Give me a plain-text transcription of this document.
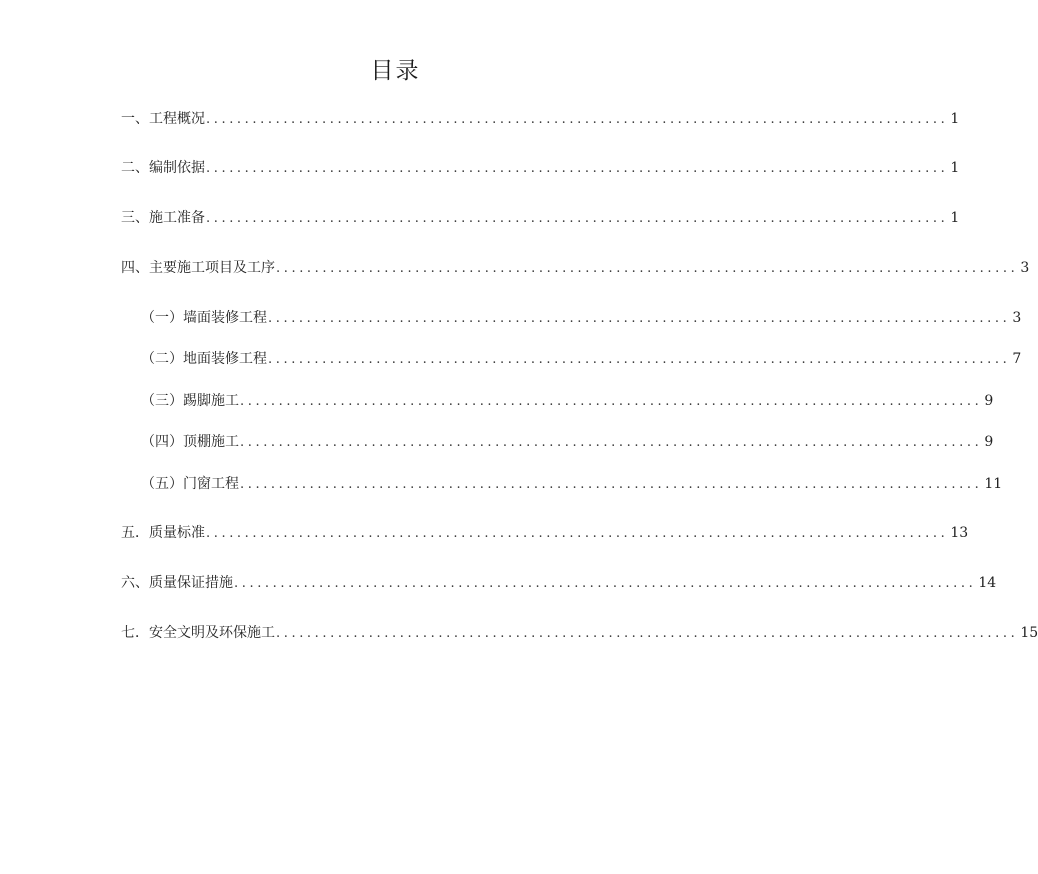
目录
一、工程概况 ................................................................................................ 1
二、编制依据 ................................................................................................ 1
三、施工准备 ................................................................................................ 1
四、主要施工项目及工序 ................................................................................................ 3
（一）墙面装修工程 ................................................................................................ 3
（二）地面装修工程 ................................................................................................ 7
（三）踢脚施工 ................................................................................................ 9
（四）顶棚施工 ................................................................................................ 9
（五）门窗工程 ................................................................................................ 11
五．质量标准 ................................................................................................ 13
六、质量保证措施 ................................................................................................ 14
七．安全文明及环保施工 ................................................................................................ 15
